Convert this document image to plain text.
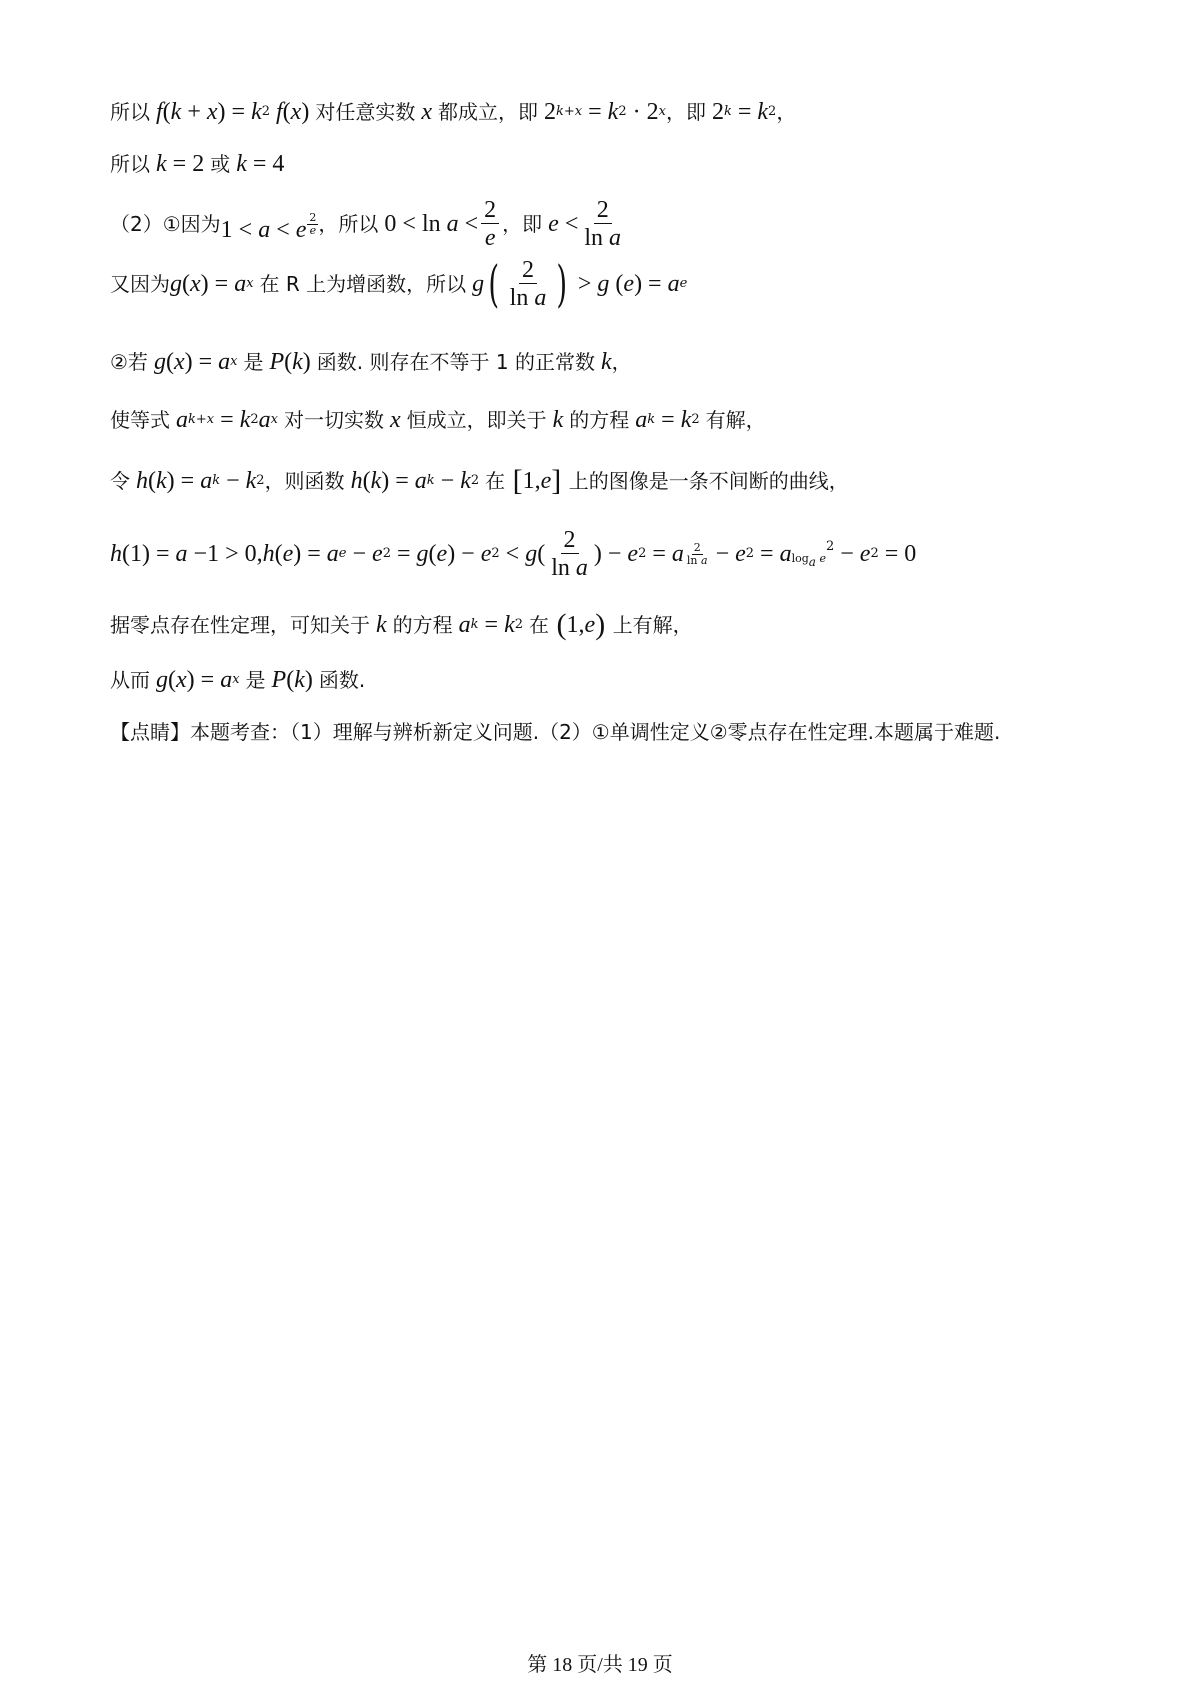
所以 f ( k + x ) = k 2 f ( x ) 对任意实数 x 都成立，即 2 k+x = k 2 · 2 x ，即 2 k = k 2 ，
所以 k = 2 或 k = 4
（2）①因为 1 < a < e $\frac{2}{e}$ ，所以 $0 < \ln a < \frac{2}{e}$ ，即 $e < \frac{2}{\text{ln a}}$
又因为 g ( x ) = a x 在 R 上为增函数，所以 g ( $\frac{2}{\text{ln a}}$ ) > g ( e ) = a e
②若 g ( x ) = a x 是 P ( k ) 函数. 则存在不等于 1 的正常数 k ，
使等式 a k+x = k 2 a x 对一切实数 x 恒成立，即关于 k 的方程 a k = k 2 有解，
令 h ( k ) = a k − k 2 ，则函数 h ( k ) = a k − k 2 在 [ 1, e ] 上的图像是一条不间断的曲线，
h (1) = a −1 > 0, h ( e ) = a e − e 2 = g ( e ) − e 2 < g ( $\frac{2}{\text{ln a}}$ ) − e 2 = a $\frac{2}{\text{ln a}} - e$ 2 = a $\log_a e^2 - e$ 2 = 0
据零点存在性定理，可知关于 k 的方程 a k = k 2 在 ( 1, e ) 上有解，
从而 g ( x ) = a x 是 P ( k ) 函数.
【点睛】本题考查：（1）理解与辨析新定义问题.（2）①单调性定义②零点存在性定理.本题属于难题.
第 18 页/共 19 页
